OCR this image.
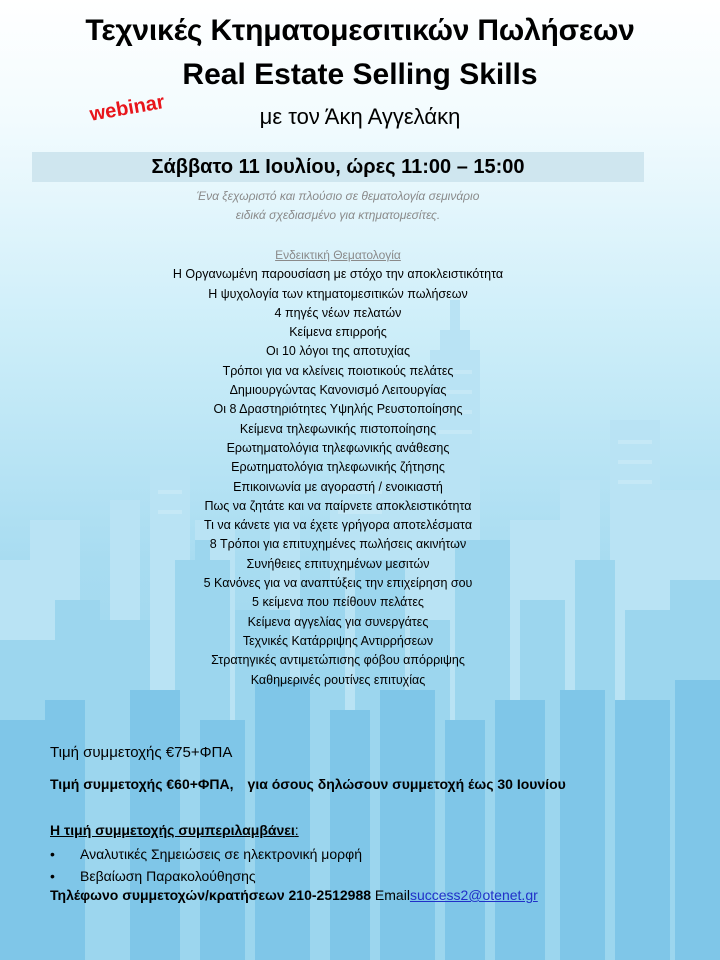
Τεχνικές Κτηματομεσιτικών Πωλήσεων
Real Estate Selling Skills
webinar	με τον Άκη Αγγελάκη
Σάββατο 11 Ιουλίου, ώρες 11:00 – 15:00
Ένα ξεχωριστό και πλούσιο σε θεματολογία σεμινάριο
ειδικά σχεδιασμένο για κτηματομεσίτες.
Ενδεικτική Θεματολογία
Η Οργανωμένη παρουσίαση με στόχο την αποκλειστικότητα
Η ψυχολογία των κτηματομεσιτικών πωλήσεων
4 πηγές νέων πελατών
Κείμενα επιρροής
Οι 10 λόγοι της αποτυχίας
Τρόποι για να κλείνεις ποιοτικούς πελάτες
Δημιουργώντας Κανονισμό Λειτουργίας
Οι 8 Δραστηριότητες Υψηλής Ρευστοποίησης
Κείμενα τηλεφωνικής πιστοποίησης
Ερωτηματολόγια τηλεφωνικής ανάθεσης
Ερωτηματολόγια τηλεφωνικής ζήτησης
Επικοινωνία με αγοραστή / ενοικιαστή
Πως να ζητάτε και να παίρνετε αποκλειστικότητα
Τι να κάνετε για να έχετε γρήγορα αποτελέσματα
8 Τρόποι για επιτυχημένες πωλήσεις ακινήτων
Συνήθειες επιτυχημένων μεσιτών
5 Κανόνες για να αναπτύξεις την επιχείρηση σου
5 κείμενα που πείθουν πελάτες
Κείμενα αγγελίας για συνεργάτες
Τεχνικές Κατάρριψης Αντιρρήσεων
Στρατηγικές αντιμετώπισης φόβου απόρριψης
Καθημερινές ρουτίνες επιτυχίας
Τιμή συμμετοχής €75+ΦΠΑ
Τιμή συμμετοχής €60+ΦΠΑ, για όσους δηλώσουν συμμετοχή έως 30 Ιουνίου
Η τιμή συμμετοχής συμπεριλαμβάνει:
• Αναλυτικές Σημειώσεις σε ηλεκτρονική μορφή
• Βεβαίωση Παρακολούθησης
Τηλέφωνο συμμετοχών/κρατήσεων 210-2512988 Emailsuccess2@otenet.gr
